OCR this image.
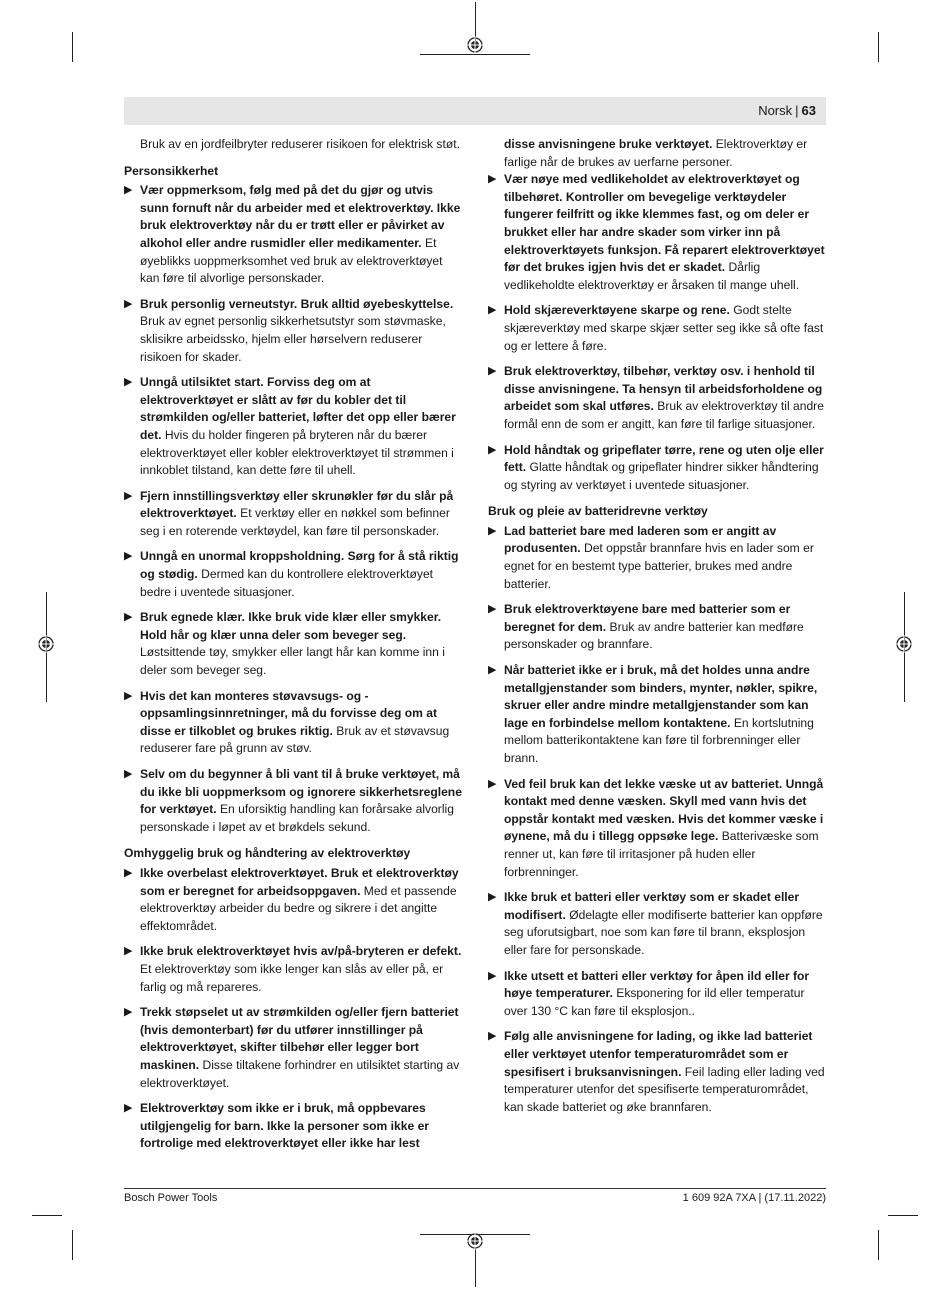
Norsk | 63
Bruk av en jordfeilbryter reduserer risikoen for elektrisk støt.
Personsikkerhet
▶ Vær oppmerksom, følg med på det du gjør og utvis sunn fornuft når du arbeider med et elektroverktøy. Ikke bruk elektroverktøy når du er trøtt eller er påvirket av alkohol eller andre rusmidler eller medikamenter. Et øyeblikks uoppmerksomhet ved bruk av elektroverktøyet kan føre til alvorlige personskader.
▶ Bruk personlig verneutstyr. Bruk alltid øyebeskyttelse. Bruk av egnet personlig sikkerhetsutstyr som støvmaske, sklisikre arbeidssko, hjelm eller hørselvern reduserer risikoen for skader.
▶ Unngå utilsiktet start. Forviss deg om at elektroverktøyet er slått av før du kobler det til strømkilden og/eller batteriet, løfter det opp eller bærer det. Hvis du holder fingeren på bryteren når du bærer elektroverktøyet eller kobler elektroverktøyet til strømmen i innkoblet tilstand, kan dette føre til uhell.
▶ Fjern innstillingsverktøy eller skrunøkler før du slår på elektroverktøyet. Et verktøy eller en nøkkel som befinner seg i en roterende verktøydel, kan føre til personskader.
▶ Unngå en unormal kroppsholdning. Sørg for å stå riktig og stødig. Dermed kan du kontrollere elektroverktøyet bedre i uventede situasjoner.
▶ Bruk egnede klær. Ikke bruk vide klær eller smykker. Hold hår og klær unna deler som beveger seg. Løstsittende tøy, smykker eller langt hår kan komme inn i deler som beveger seg.
▶ Hvis det kan monteres støvavsugs- og -oppsamlingsinnretninger, må du forvisse deg om at disse er tilkoblet og brukes riktig. Bruk av et støvavsug reduserer fare på grunn av støv.
▶ Selv om du begynner å bli vant til å bruke verktøyet, må du ikke bli uoppmerksom og ignorere sikkerhetsreglene for verktøyet. En uforsiktig handling kan forårsake alvorlig personskade i løpet av et brøkdels sekund.
Omhyggelig bruk og håndtering av elektroverktøy
▶ Ikke overbelast elektroverktøyet. Bruk et elektroverktøy som er beregnet for arbeidsoppgaven. Med et passende elektroverktøy arbeider du bedre og sikrere i det angitte effektområdet.
▶ Ikke bruk elektroverktøyet hvis av/på-bryteren er defekt. Et elektroverktøy som ikke lenger kan slås av eller på, er farlig og må repareres.
▶ Trekk støpselet ut av strømkilden og/eller fjern batteriet (hvis demonterbart) før du utfører innstillinger på elektroverktøyet, skifter tilbehør eller legger bort maskinen. Disse tiltakene forhindrer en utilsiktet starting av elektroverktøyet.
▶ Elektroverktøy som ikke er i bruk, må oppbevares utilgjengelig for barn. Ikke la personer som ikke er fortrolige med elektroverktøyet eller ikke har lest
disse anvisningene bruke verktøyet. Elektroverktøy er farlige når de brukes av uerfarne personer.
▶ Vær nøye med vedlikeholdet av elektroverktøyet og tilbehøret. Kontroller om bevegelige verktøydeler fungerer feilfritt og ikke klemmes fast, og om deler er brukket eller har andre skader som virker inn på elektroverktøyets funksjon. Få reparert elektroverktøyet før det brukes igjen hvis det er skadet. Dårlig vedlikeholdte elektroverktøy er årsaken til mange uhell.
▶ Hold skjæreverktøyene skarpe og rene. Godt stelte skjæreverktøy med skarpe skjær setter seg ikke så ofte fast og er lettere å føre.
▶ Bruk elektroverktøy, tilbehør, verktøy osv. i henhold til disse anvisningene. Ta hensyn til arbeidsforholdene og arbeidet som skal utføres. Bruk av elektroverktøy til andre formål enn de som er angitt, kan føre til farlige situasjoner.
▶ Hold håndtak og gripeflater tørre, rene og uten olje eller fett. Glatte håndtak og gripeflater hindrer sikker håndtering og styring av verktøyet i uventede situasjoner.
Bruk og pleie av batteridrevne verktøy
▶ Lad batteriet bare med laderen som er angitt av produsenten. Det oppstår brannfare hvis en lader som er egnet for en bestemt type batterier, brukes med andre batterier.
▶ Bruk elektroverktøyene bare med batterier som er beregnet for dem. Bruk av andre batterier kan medføre personskader og brannfare.
▶ Når batteriet ikke er i bruk, må det holdes unna andre metallgjenstander som binders, mynter, nøkler, spikre, skruer eller andre mindre metallgjenstander som kan lage en forbindelse mellom kontaktene. En kortslutning mellom batterikontaktene kan føre til forbrenninger eller brann.
▶ Ved feil bruk kan det lekke væske ut av batteriet. Unngå kontakt med denne væsken. Skyll med vann hvis det oppstår kontakt med væsken. Hvis det kommer væske i øynene, må du i tillegg oppsøke lege. Batterivæske som renner ut, kan føre til irritasjoner på huden eller forbrenninger.
▶ Ikke bruk et batteri eller verktøy som er skadet eller modifisert. Ødelagte eller modifiserte batterier kan oppføre seg uforutsigbart, noe som kan føre til brann, eksplosjon eller fare for personskade.
▶ Ikke utsett et batteri eller verktøy for åpen ild eller for høye temperaturer. Eksponering for ild eller temperatur over 130 °C kan føre til eksplosjon..
▶ Følg alle anvisningene for lading, og ikke lad batteriet eller verktøyet utenfor temperaturområdet som er spesifisert i bruksanvisningen. Feil lading eller lading ved temperaturer utenfor det spesifiserte temperaturområdet, kan skade batteriet og øke brannfaren.
Bosch Power Tools	1 609 92A 7XA | (17.11.2022)
